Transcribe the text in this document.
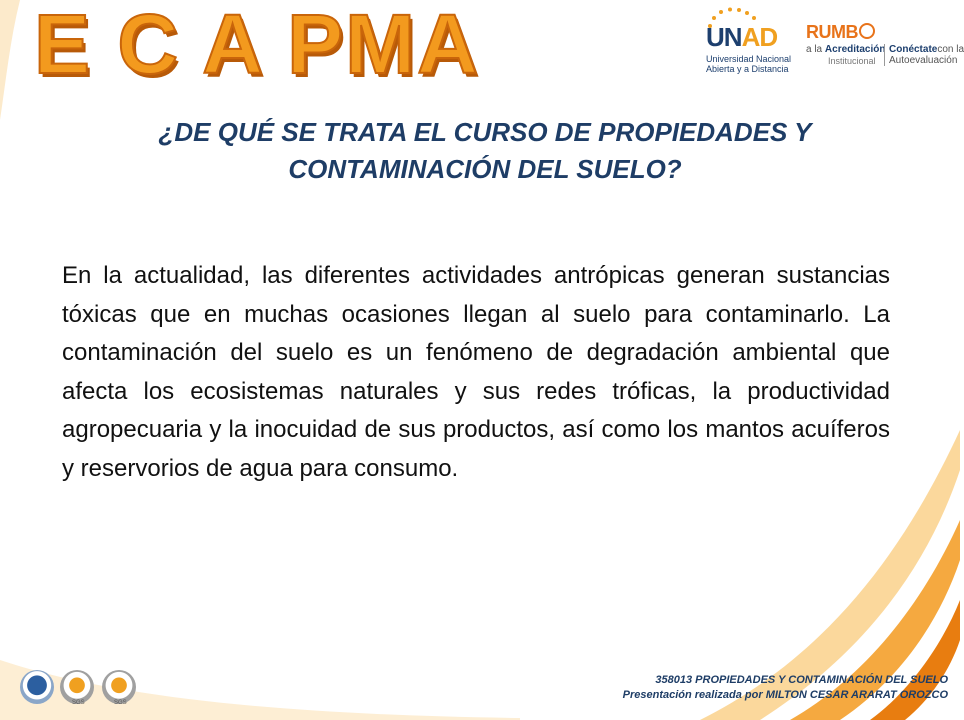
E C A PMA	UNAD
Universidad Nacional
Abierta y a Distancia
RUMB
a la Acreditación
Institucional
Conéctatecon la
Autoevaluación
¿DE QUÉ SE TRATA EL CURSO DE PROPIEDADES Y
CONTAMINACIÓN DEL SUELO?
En la actualidad, las diferentes actividades antrópicas generan sustancias tóxicas que en muchas ocasiones llegan al suelo para contaminarlo. La contaminación del suelo es un fenómeno de degradación ambiental que afecta los ecosistemas naturales y sus redes tróficas, la productividad agropecuaria y la inocuidad de sus productos, así como los mantos acuíferos y reservorios de agua para consumo.
SGS	SGS
358013 PROPIEDADES Y CONTAMINACIÓN DEL SUELO
Presentación realizada por MILTON CESAR ARARAT OROZCO
